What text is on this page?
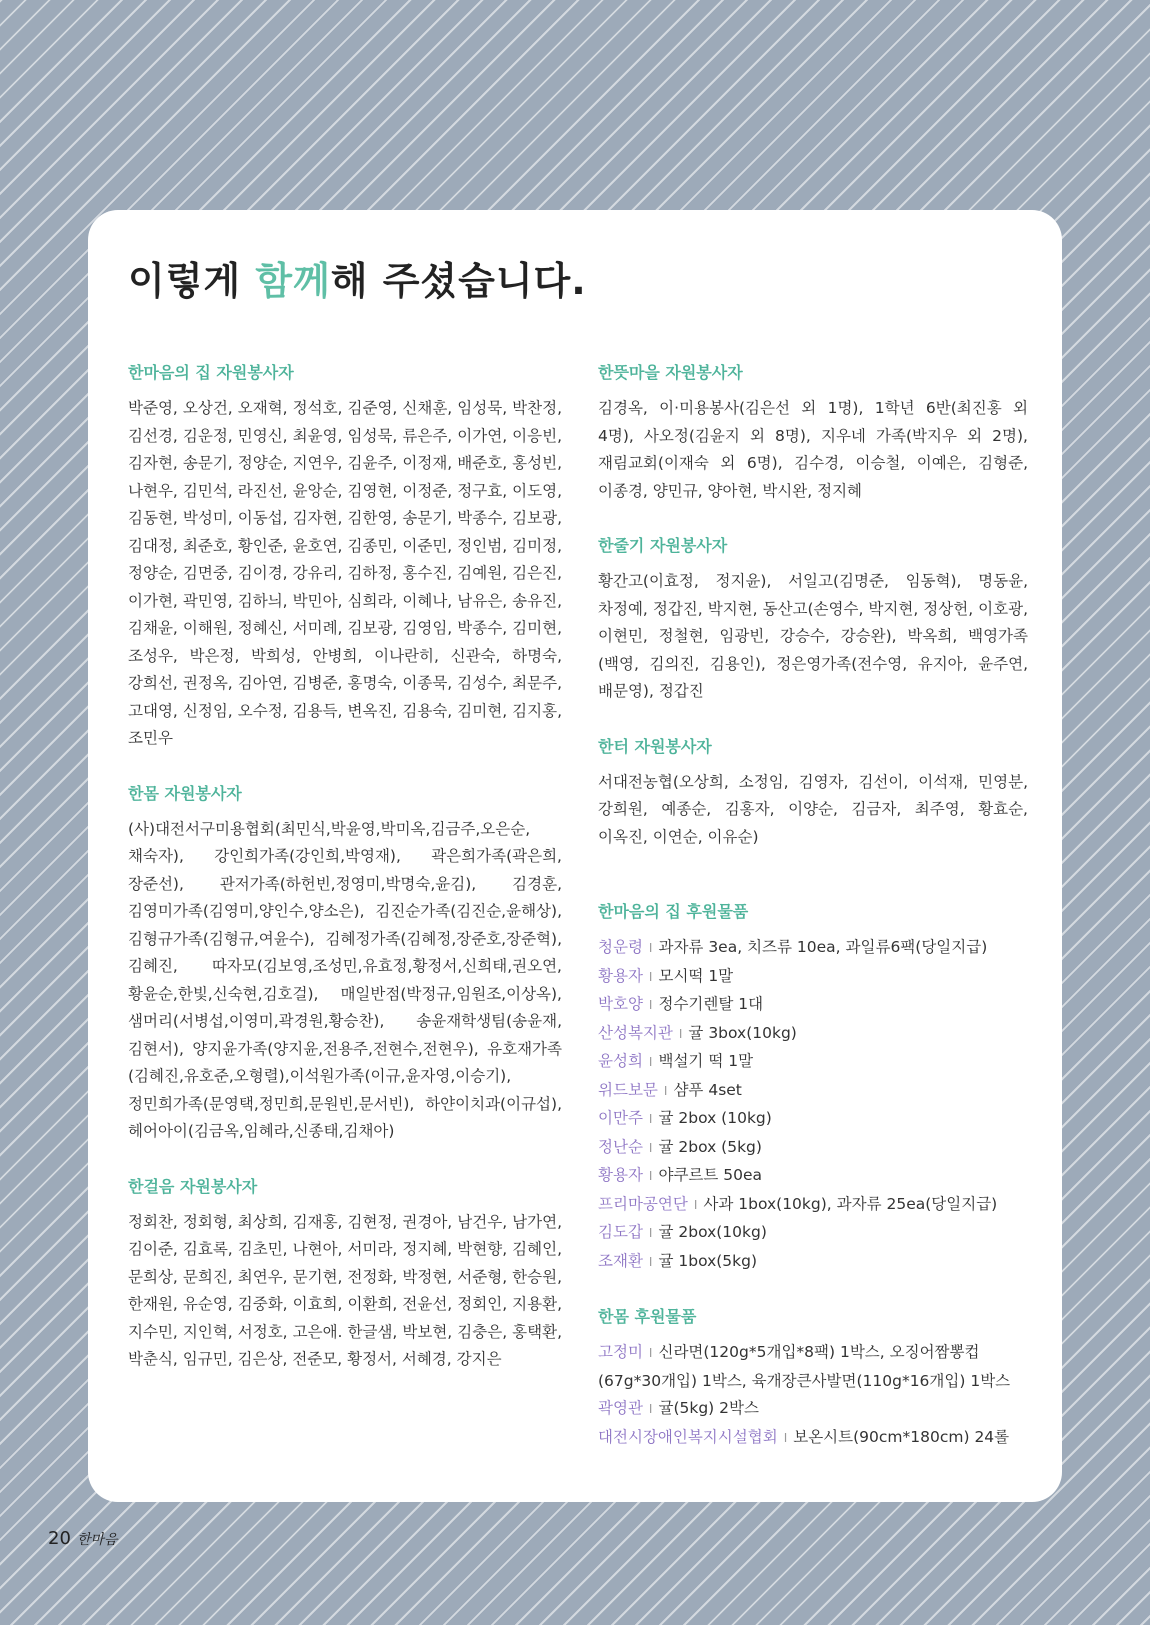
이렇게 함께해 주셨습니다.
한마음의 집 자원봉사자

박준영, 오상건, 오재혁, 정석호, 김준영, 신채훈, 임성묵, 박찬정, 김선경, 김운정, 민영신, 최윤영, 임성묵, 류은주, 이가연, 이응빈, 김자현, 송문기, 정양순, 지연우, 김윤주, 이정재, 배준호, 홍성빈, 나현우, 김민석, 라진선, 윤앙순, 김영현, 이정준, 정구효, 이도영, 김동현, 박성미, 이동섭, 김자현, 김한영, 송문기, 박종수, 김보광, 김대정, 최준호, 황인준, 윤호연, 김종민, 이준민, 정인범, 김미정, 정양순, 김면중, 김이경, 강유리, 김하정, 홍수진, 김예원, 김은진, 이가현, 곽민영, 김하늬, 박민아, 심희라, 이혜나, 남유은, 송유진, 김채윤, 이해원, 정혜신, 서미례, 김보광, 김영임, 박종수, 김미현, 조성우, 박은정, 박희성, 안병희, 이나란히, 신관숙, 하명숙, 강희선, 권정옥, 김아연, 김병준, 홍명숙, 이종묵, 김성수, 최문주, 고대영, 신정임, 오수정, 김용득, 변옥진, 김용숙, 김미현, 김지홍, 조민우

한몸 자원봉사자

(사)대전서구미용협회(최민식,박윤영,박미옥,김금주,오은순,채숙자), 강인희가족(강인희,박영재), 곽은희가족(곽은희,장준선), 관저가족(하헌빈,정영미,박명숙,윤김), 김경훈, 김영미가족(김영미,양인수,양소은), 김진순가족(김진순,윤해상), 김형규가족(김형규,여윤수), 김혜정가족(김혜정,장준호,장준혁), 김혜진, 따자모(김보영,조성민,유효정,황정서,신희태,권오연,황윤순,한빛,신숙현,김호걸), 매일반점(박정규,임원조,이상옥), 샘머리(서병섭,이영미,곽경원,황승찬), 송윤재학생팀(송윤재,김현서), 양지윤가족(양지윤,전용주,전현수,전현우), 유호재가족(김혜진,유호준,오형렬),이석원가족(이규,윤자영,이승기), 정민희가족(문영택,정민희,문원빈,문서빈), 하얀이치과(이규섭), 헤어아이(김금옥,임혜라,신종태,김채아)

한걸음 자원봉사자

정회찬, 정회형, 최상희, 김재홍, 김현정, 권경아, 남건우, 남가연, 김이준, 김효록, 김초민, 나현아, 서미라, 정지혜, 박현향, 김혜인, 문희상, 문희진, 최연우, 문기현, 전정화, 박정현, 서준형, 한승원, 한재원, 유순영, 김중화, 이효희, 이환희, 전윤선, 정회인, 지용환, 지수민, 지인혁, 서정호, 고은애. 한글샘, 박보현, 김충은, 홍택환, 박춘식, 임규민, 김은상, 전준모, 황정서, 서혜경, 강지은

한뜻마을 자원봉사자

김경옥, 이·미용봉사(김은선 외 1명), 1학년 6반(최진홍 외 4명), 사오정(김윤지 외 8명), 지우네 가족(박지우 외 2명), 재림교회(이재숙 외 6명), 김수경, 이승철, 이예은, 김형준, 이종경, 양민규, 양아현, 박시완, 정지혜

한줄기 자원봉사자

황간고(이효정, 정지윤), 서일고(김명준, 임동혁), 명동윤, 차정예, 정갑진, 박지현, 동산고(손영수, 박지현, 정상헌, 이호광, 이현민, 정철현, 임광빈, 강승수, 강승완), 박옥희, 백영가족(백영, 김의진, 김용인), 정은영가족(전수영, 유지아, 윤주연, 배문영), 정갑진

한터 자원봉사자

서대전농협(오상희, 소정임, 김영자, 김선이, 이석재, 민영분, 강희원, 예종순, 김홍자, 이양순, 김금자, 최주영, 황효순, 이옥진, 이연순, 이유순)

한마음의 집 후원물품
청운령 I 과자류 3ea, 치즈류 10ea, 과일류6팩(당일지급)
황용자 I 모시떡 1말
박호양 I 정수기렌탈 1대
산성복지관 I 귤 3box(10kg)
윤성희 I 백설기 떡 1말
위드보문 I 샴푸 4set
이만주 I 귤 2box (10kg)
정난순 I 귤 2box (5kg)
황용자 I 야쿠르트 50ea
프리마공연단 I 사과 1box(10kg), 과자류 25ea(당일지급)
김도갑 I 귤 2box(10kg)
조재환 I 귤 1box(5kg)
한몸 후원물품
고정미 I 신라면(120g*5개입*8팩) 1박스, 오징어짬뽕컵(67g*30개입) 1박스, 육개장큰사발면(110g*16개입) 1박스
곽영관 I 귤(5kg) 2박스
대전시장애인복지시설협회 I 보온시트(90cm*180cm) 24롤
20 한마음
